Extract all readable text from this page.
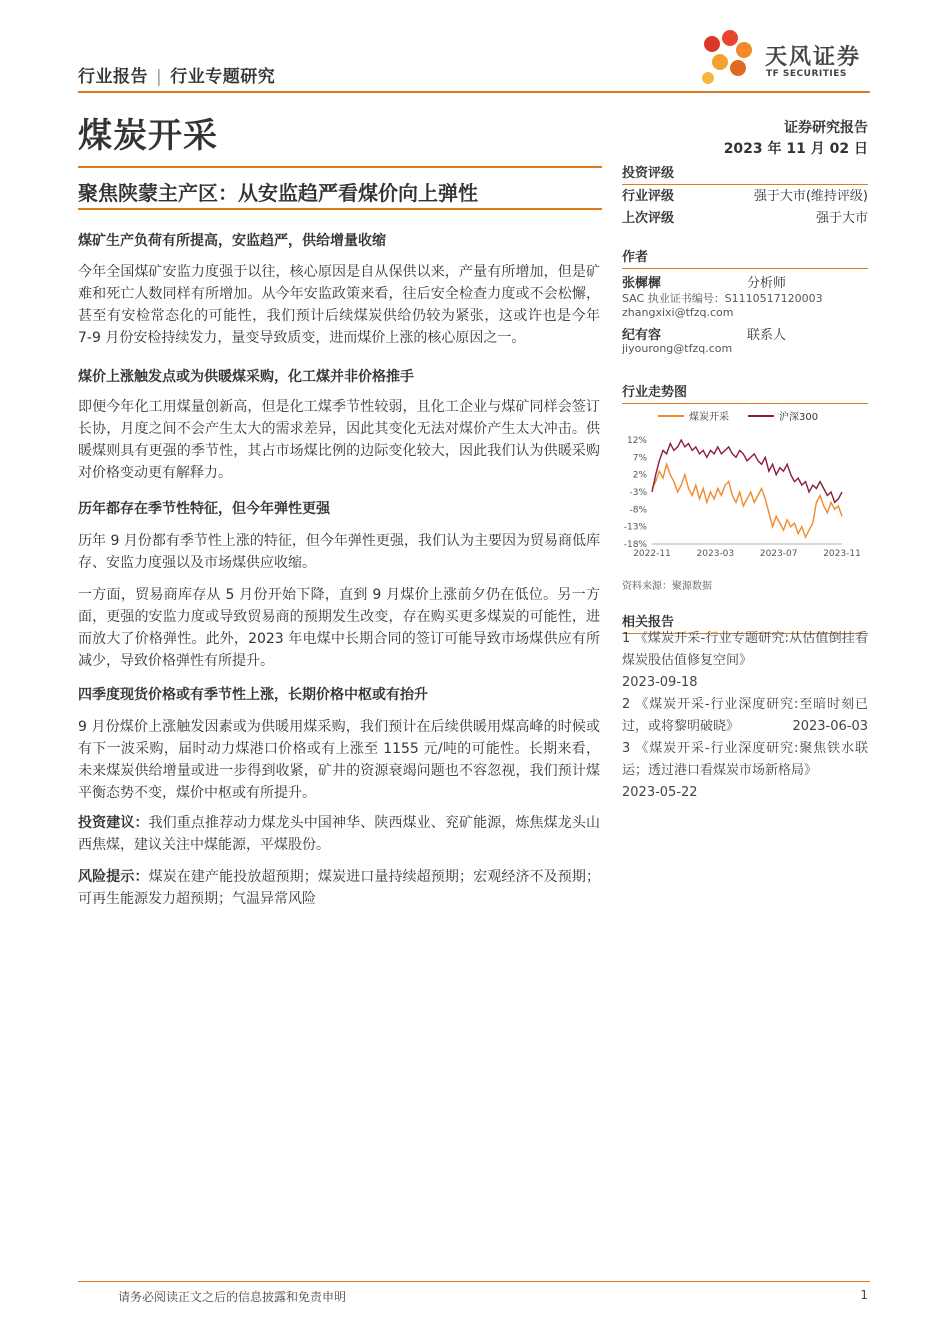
行业报告 | 行业专题研究
天风证券
TF SECURITIES
煤炭开采	证券研究报告
2023 年 11 月 02 日
聚焦陕蒙主产区：从安监趋严看煤价向上弹性
煤矿生产负荷有所提高，安监趋严，供给增量收缩
今年全国煤矿安监力度强于以往，核心原因是自从保供以来，产量有所增加，但是矿难和死亡人数同样有所增加。从今年安监政策来看，往后安全检查力度或不会松懈，甚至有安检常态化的可能性，我们预计后续煤炭供给仍较为紧张，这或许也是今年 7-9 月份安检持续发力，量变导致质变，进而煤价上涨的核心原因之一。
煤价上涨触发点或为供暖煤采购，化工煤并非价格推手
即便今年化工用煤量创新高，但是化工煤季节性较弱，且化工企业与煤矿同样会签订长协，月度之间不会产生太大的需求差异，因此其变化无法对煤价产生太大冲击。供暖煤则具有更强的季节性，其占市场煤比例的边际变化较大，因此我们认为供暖采购对价格变动更有解释力。
历年都存在季节性特征，但今年弹性更强
历年 9 月份都有季节性上涨的特征，但今年弹性更强，我们认为主要因为贸易商低库存、安监力度强以及市场煤供应收缩。
一方面，贸易商库存从 5 月份开始下降，直到 9 月煤价上涨前夕仍在低位。另一方面，更强的安监力度或导致贸易商的预期发生改变，存在购买更多煤炭的可能性，进而放大了价格弹性。此外，2023 年电煤中长期合同的签订可能导致市场煤供应有所减少，导致价格弹性有所提升。
四季度现货价格或有季节性上涨，长期价格中枢或有抬升
9 月份煤价上涨触发因素或为供暖用煤采购，我们预计在后续供暖用煤高峰的时候或有下一波采购，届时动力煤港口价格或有上涨至 1155 元/吨的可能性。长期来看，未来煤炭供给增量或进一步得到收紧，矿井的资源衰竭问题也不容忽视，我们预计煤平衡态势不变，煤价中枢或有所提升。
投资建议：我们重点推荐动力煤龙头中国神华、陕西煤业、兖矿能源，炼焦煤龙头山西焦煤，建议关注中煤能源，平煤股份。
风险提示：煤炭在建产能投放超预期；煤炭进口量持续超预期；宏观经济不及预期；可再生能源发力超预期；气温异常风险
投资评级
行业评级	强于大市(维持评级)
上次评级	强于大市
作者
张樨樨	分析师
SAC 执业证书编号：S1110517120003
zhangxixi@tfzq.com
纪有容	联系人
jiyourong@tfzq.com
行业走势图
12%
7%
2%
-3%
-8%
-13%
-18%
2022-11	2023-03	2023-07	2023-11
煤炭开采	沪深300
资料来源：聚源数据
相关报告
1 《煤炭开采-行业专题研究:从估值倒挂看煤炭股估值修复空间》
2023-09-18
2 《煤炭开采-行业深度研究:至暗时刻已过，或将黎明破晓》	2023-06-03
3 《煤炭开采-行业深度研究:聚焦铁水联运；透过港口看煤炭市场新格局》
2023-05-22
请务必阅读正文之后的信息披露和免责申明	1
